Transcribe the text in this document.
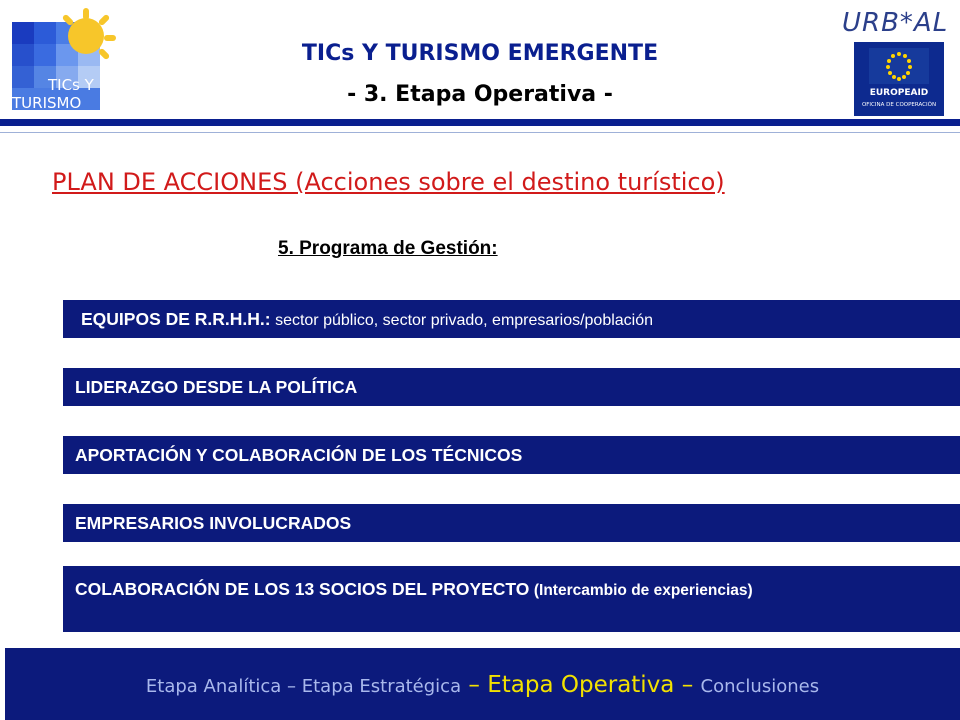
TICs Y
TURISMO
TICs Y TURISMO EMERGENTE
- 3. Etapa Operativa -
URB*AL
EUROPEAID
OFICINA DE COOPERACIÓN
PLAN DE ACCIONES (Acciones sobre el destino turístico)
5. Programa de Gestión:
EQUIPOS DE R.R.H.H.: sector público, sector privado, empresarios/población
LIDERAZGO DESDE LA POLÍTICA
APORTACIÓN Y COLABORACIÓN DE LOS TÉCNICOS
EMPRESARIOS INVOLUCRADOS
COLABORACIÓN DE LOS 13 SOCIOS DEL PROYECTO (Intercambio de experiencias)
Etapa Analítica – Etapa Estratégica – Etapa Operativa – Conclusiones
